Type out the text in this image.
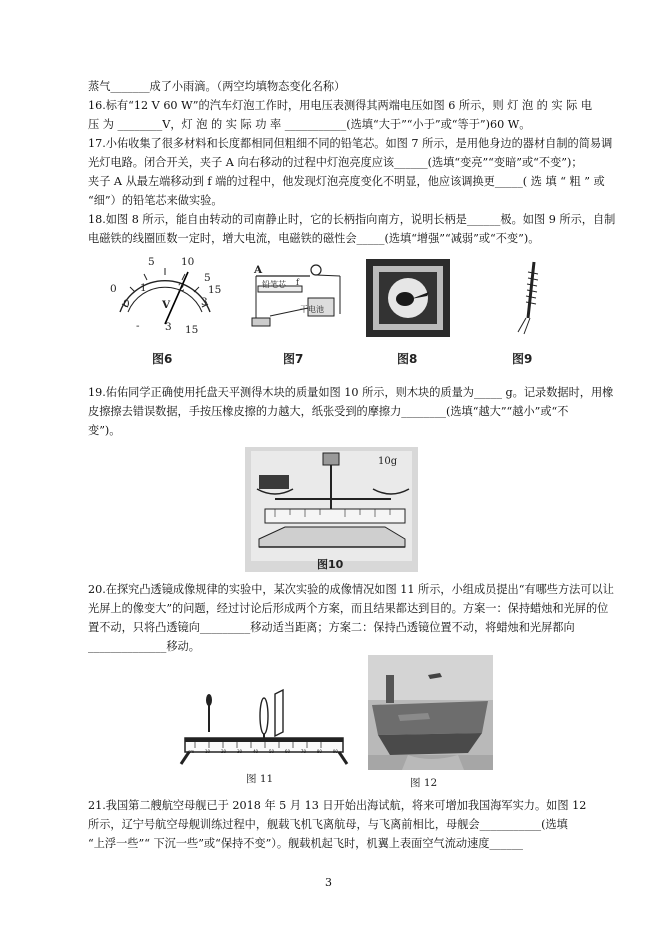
蒸气_______成了小雨滴。（两空均填物态变化名称）
16.标有“12 V 60 W”的汽车灯泡工作时，用电压表测得其两端电压如图 6 所示，则 灯 泡 的 实 际 电
压 为 ________V，灯 泡 的 实 际 功 率 ___________(选填“大于”“小于”或“等于”)60 W。
17.小佑收集了很多材料和长度都相同但粗细不同的铅笔芯。如图 7 所示，是用他身边的器材自制的简易调
光灯电路。闭合开关，夹子 A 向右移动的过程中灯泡亮度应该______(选填“变亮”“变暗”或“不变”)；
夹子 A 从最左端移动到 f 端的过程中，他发现灯泡亮度变化不明显，他应该调换更_____( 选 填 “ 粗 ” 或
“细”）的铅笔芯来做实验。
18.如图 8 所示，能自由转动的司南静止时，它的长柄指向南方，说明长柄是______极。如图 9 所示，自制
电磁铁的线圈匝数一定时，增大电流，电磁铁的磁性会_____(选填“增强”“减弱”或“不变”)。
5	10
5
1	2
0
0	3
15
V
- 3 15
图6
A
铅笔芯
干电池
f
图7	图8	图9
19.佑佑同学正确使用托盘天平测得木块的质量如图 10 所示，则木块的质量为_____ g。记录数据时，用橡
皮擦擦去错误数据，手按压橡皮擦的力越大，纸张受到的摩擦力________(选填“越大”“越小”或“不
变”)。
10g
图10
20.在探究凸透镜成像规律的实验中，某次实验的成像情况如图 11 所示，小组成员提出“有哪些方法可以让
光屏上的像变大”的问题，经过讨论后形成两个方案，而且结果都达到目的。方案一：保持蜡烛和光屏的位
置不动，只将凸透镜向_________移动适当距离；方案二：保持凸透镜位置不动，将蜡烛和光屏都向
______________移动。
cm	10	20	30	40	50	60	70	80	90
图 11	图 12
21.我国第二艘航空母舰已于 2018 年 5 月 13 日开始出海试航，将来可增加我国海军实力。如图 12
所示，辽宁号航空母舰训练过程中，舰载飞机飞离航母，与飞离前相比，母舰会___________(选填
“上浮一些”“ 下沉一些”或“保持不变”）。舰载机起飞时，机翼上表面空气流动速度______
3
